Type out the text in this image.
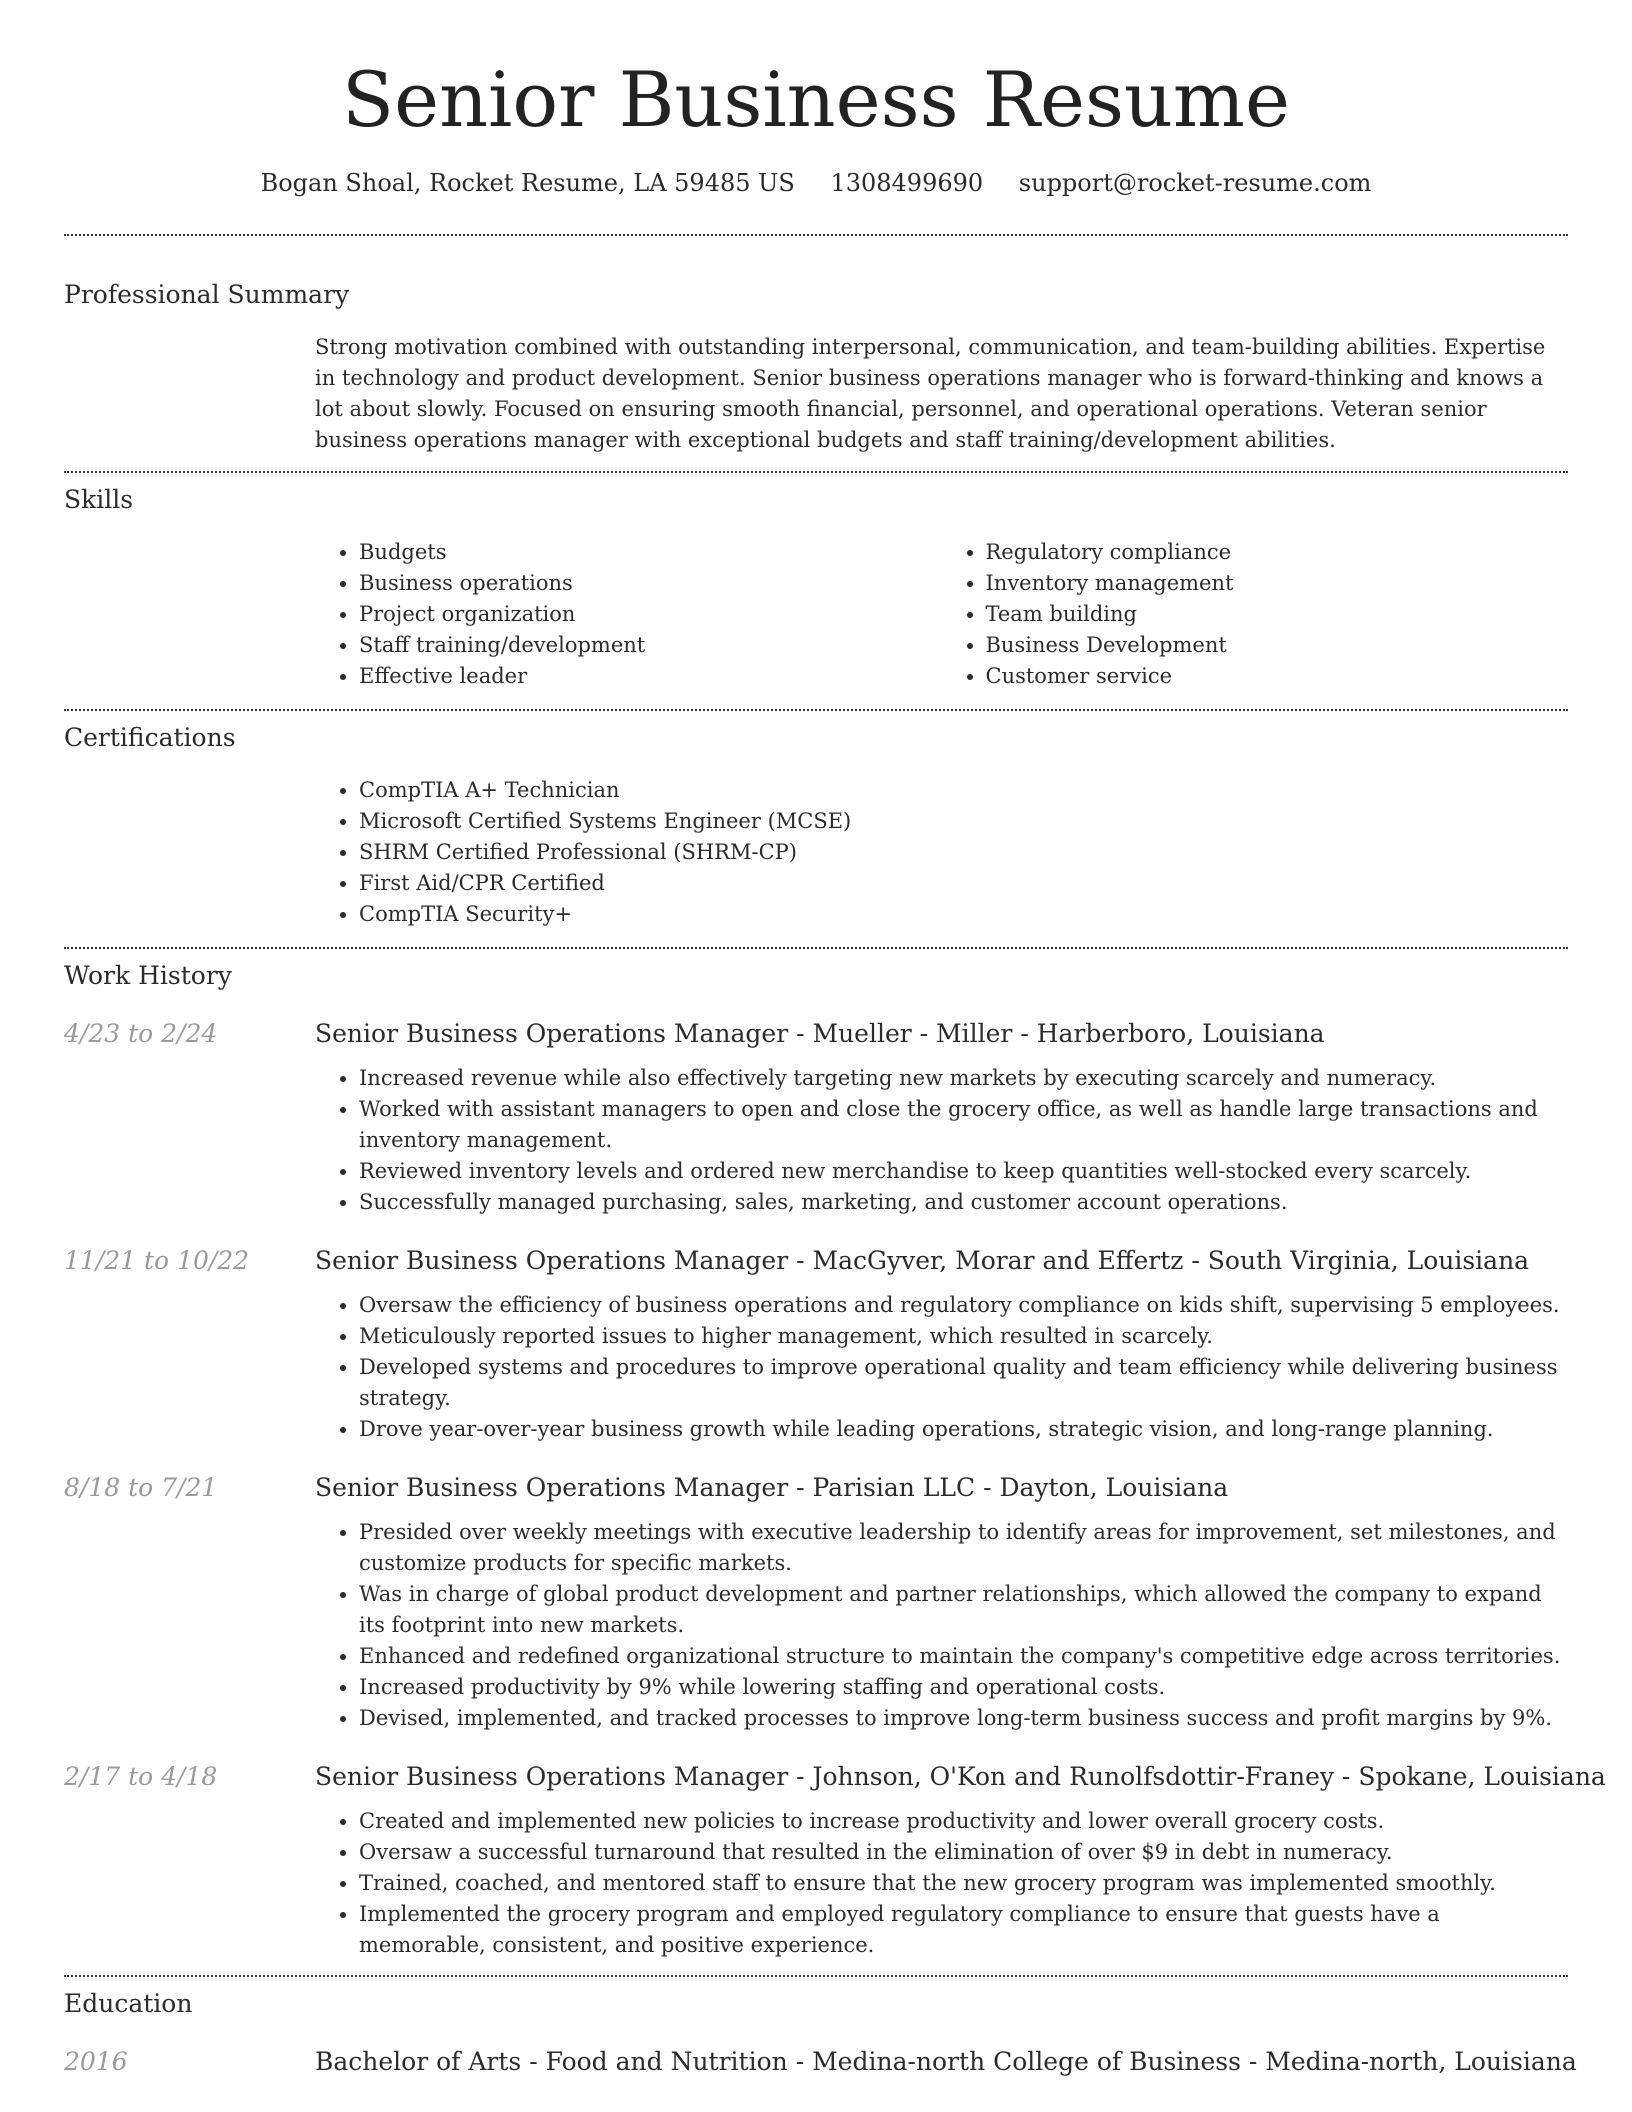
Senior Business Resume
Bogan Shoal, Rocket Resume, LA 59485 US 1308499690 support@rocket-resume.com
Professional Summary
Strong motivation combined with outstanding interpersonal, communication, and team-building abilities. Expertise in technology and product development. Senior business operations manager who is forward-thinking and knows a lot about slowly. Focused on ensuring smooth financial, personnel, and operational operations. Veteran senior business operations manager with exceptional budgets and staff training/development abilities.
Skills
• Budgets
• Business operations
• Project organization
• Staff training/development
• Effective leader
• Regulatory compliance
• Inventory management
• Team building
• Business Development
• Customer service
Certifications
• CompTIA A+ Technician
• Microsoft Certified Systems Engineer (MCSE)
• SHRM Certified Professional (SHRM-CP)
• First Aid/CPR Certified
• CompTIA Security+
Work History
4/23 to 2/24	Senior Business Operations Manager - Mueller - Miller - Harberboro, Louisiana
• Increased revenue while also effectively targeting new markets by executing scarcely and numeracy.
• Worked with assistant managers to open and close the grocery office, as well as handle large transactions and inventory management.
• Reviewed inventory levels and ordered new merchandise to keep quantities well-stocked every scarcely.
• Successfully managed purchasing, sales, marketing, and customer account operations.
11/21 to 10/22	Senior Business Operations Manager - MacGyver, Morar and Effertz - South Virginia, Louisiana
• Oversaw the efficiency of business operations and regulatory compliance on kids shift, supervising 5 employees.
• Meticulously reported issues to higher management, which resulted in scarcely.
• Developed systems and procedures to improve operational quality and team efficiency while delivering business strategy.
• Drove year-over-year business growth while leading operations, strategic vision, and long-range planning.
8/18 to 7/21	Senior Business Operations Manager - Parisian LLC - Dayton, Louisiana
• Presided over weekly meetings with executive leadership to identify areas for improvement, set milestones, and customize products for specific markets.
• Was in charge of global product development and partner relationships, which allowed the company to expand its footprint into new markets.
• Enhanced and redefined organizational structure to maintain the company's competitive edge across territories.
• Increased productivity by 9% while lowering staffing and operational costs.
• Devised, implemented, and tracked processes to improve long-term business success and profit margins by 9%.
2/17 to 4/18	Senior Business Operations Manager - Johnson, O'Kon and Runolfsdottir-Franey - Spokane, Louisiana
• Created and implemented new policies to increase productivity and lower overall grocery costs.
• Oversaw a successful turnaround that resulted in the elimination of over $9 in debt in numeracy.
• Trained, coached, and mentored staff to ensure that the new grocery program was implemented smoothly.
• Implemented the grocery program and employed regulatory compliance to ensure that guests have a memorable, consistent, and positive experience.
Education
2016	Bachelor of Arts - Food and Nutrition - Medina-north College of Business - Medina-north, Louisiana
